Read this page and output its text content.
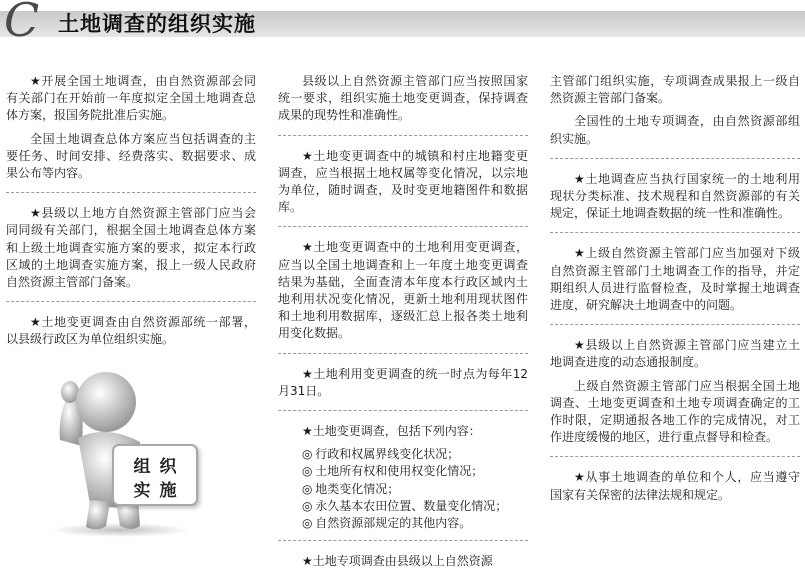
C 土地调查的组织实施

★开展全国土地调查，由自然资源部会同有关部门在开始前一年度拟定全国土地调查总体方案，报国务院批准后实施。

全国土地调查总体方案应当包括调查的主要任务、时间安排、经费落实、数据要求、成果公布等内容。

★县级以上地方自然资源主管部门应当会同同级有关部门，根据全国土地调查总体方案和上级土地调查实施方案的要求，拟定本行政区域的土地调查实施方案，报上一级人民政府自然资源主管部门备案。

★土地变更调查由自然资源部统一部署，以县级行政区为单位组织实施。

组织
实施

县级以上自然资源主管部门应当按照国家统一要求，组织实施土地变更调查，保持调查成果的现势性和准确性。

★土地变更调查中的城镇和村庄地籍变更调查，应当根据土地权属等变化情况，以宗地为单位，随时调查，及时变更地籍图件和数据库。

★土地变更调查中的土地利用变更调查，应当以全国土地调查和上一年度土地变更调查结果为基础，全面查清本年度本行政区域内土地利用状况变化情况，更新土地利用现状图件和土地利用数据库，逐级汇总上报各类土地利用变化数据。

★土地利用变更调查的统一时点为每年12月31日。

★土地变更调查，包括下列内容：

◎ 行政和权属界线变化状况；
◎ 土地所有权和使用权变化情况；
◎ 地类变化情况；
◎ 永久基本农田位置、数量变化情况；
◎ 自然资源部规定的其他内容。

★土地专项调查由县级以上自然资源

主管部门组织实施，专项调查成果报上一级自然资源主管部门备案。

全国性的土地专项调查，由自然资源部组织实施。

★土地调查应当执行国家统一的土地利用现状分类标准、技术规程和自然资源部的有关规定，保证土地调查数据的统一性和准确性。

★上级自然资源主管部门应当加强对下级自然资源主管部门土地调查工作的指导，并定期组织人员进行监督检查，及时掌握土地调查进度，研究解决土地调查中的问题。

★县级以上自然资源主管部门应当建立土地调查进度的动态通报制度。

上级自然资源主管部门应当根据全国土地调查、土地变更调查和土地专项调查确定的工作时限，定期通报各地工作的完成情况，对工作进度缓慢的地区，进行重点督导和检查。

★从事土地调查的单位和个人，应当遵守国家有关保密的法律法规和规定。
